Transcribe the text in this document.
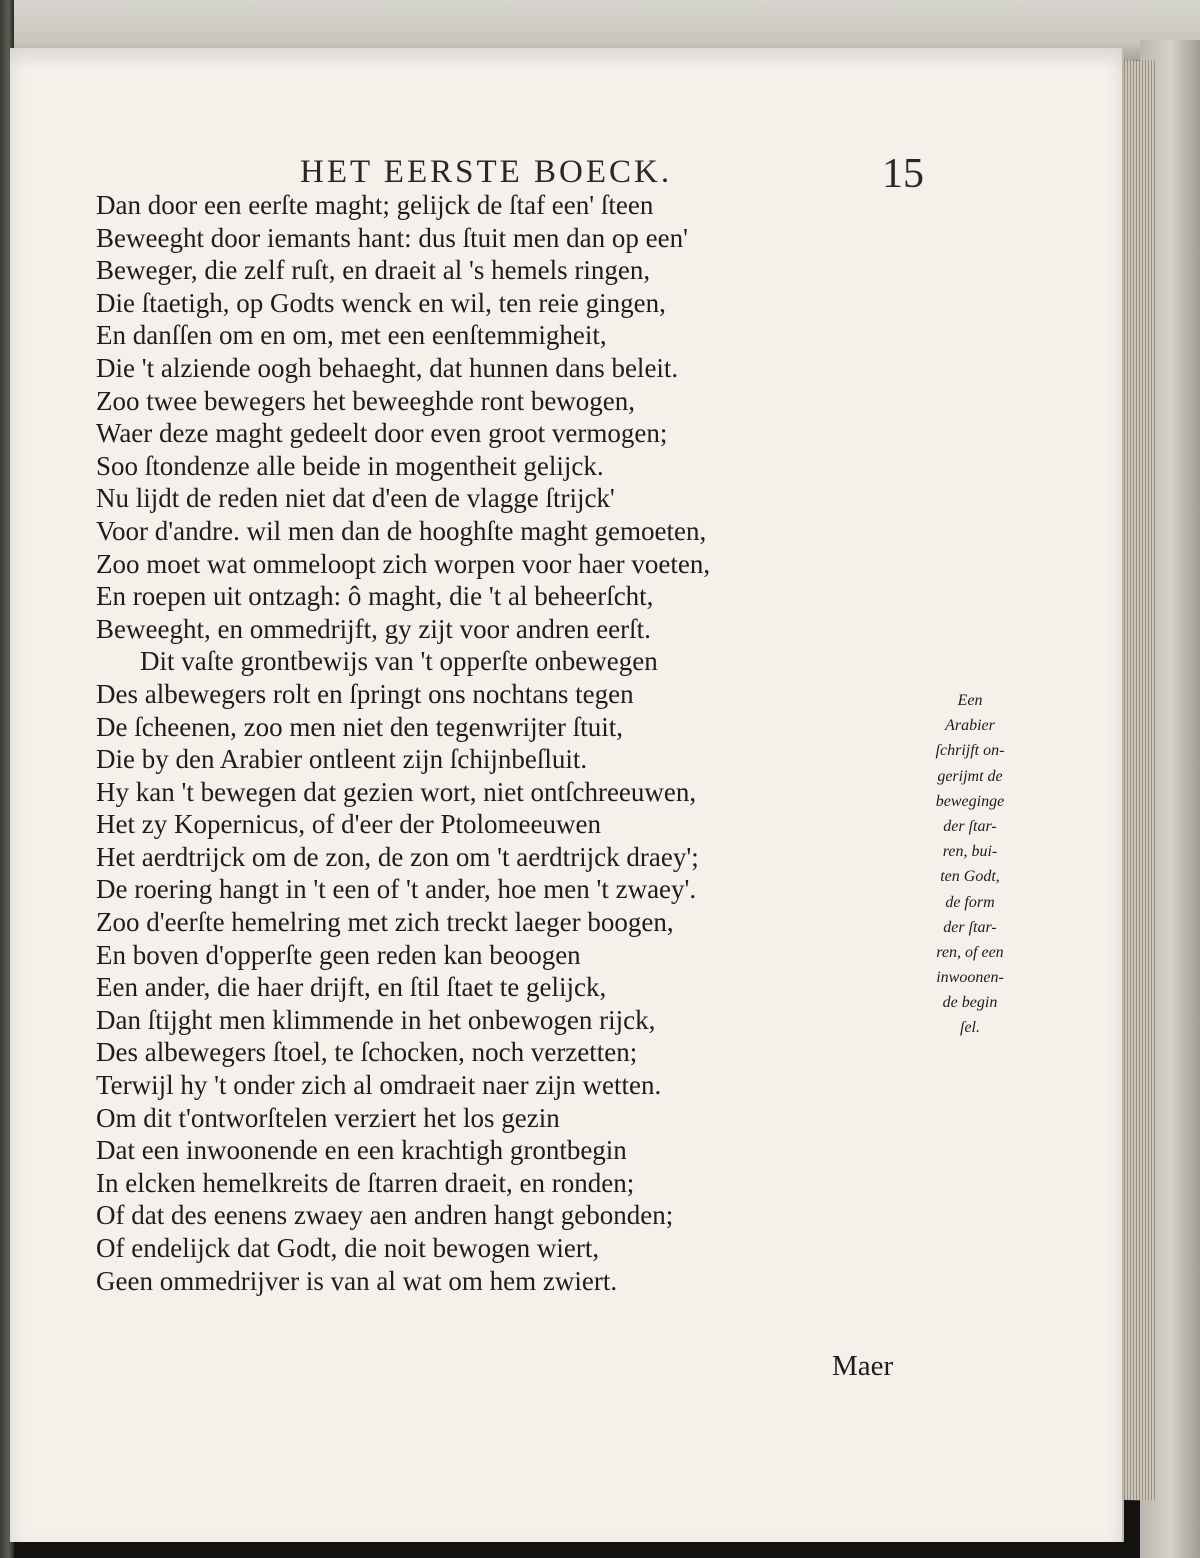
HET EERSTE BOECK.	15
Dan door een eerſte maght; gelijck de ſtaf een' ſteen
Beweeght door iemants hant: dus ſtuit men dan op een'
Beweger, die zelf ruſt, en draeit al 's hemels ringen,
Die ſtaetigh, op Godts wenck en wil, ten reie gingen,
En danſſen om en om, met een eenſtemmigheit,
Die 't alziende oogh behaeght, dat hunnen dans beleit.
Zoo twee bewegers het beweeghde ront bewogen,
Waer deze maght gedeelt door even groot vermogen;
Soo ſtondenze alle beide in mogentheit gelijck.
Nu lijdt de reden niet dat d'een de vlagge ſtrijck'
Voor d'andre. wil men dan de hooghſte maght gemoeten,
Zoo moet wat ommeloopt zich worpen voor haer voeten,
En roepen uit ontzagh: ô maght, die 't al beheerſcht,
Beweeght, en ommedrijft, gy zijt voor andren eerſt.
Dit vaſte grontbewijs van 't opperſte onbewegen
Des albewegers rolt en ſpringt ons nochtans tegen
De ſcheenen, zoo men niet den tegenwrijter ſtuit,
Die by den Arabier ontleent zijn ſchijnbeſluit.
Hy kan 't bewegen dat gezien wort, niet ontſchreeuwen,
Het zy Kopernicus, of d'eer der Ptolomeeuwen
Het aerdtrijck om de zon, de zon om 't aerdtrijck draey';
De roering hangt in 't een of 't ander, hoe men 't zwaey'.
Zoo d'eerſte hemelring met zich treckt laeger boogen,
En boven d'opperſte geen reden kan beoogen
Een ander, die haer drijft, en ſtil ſtaet te gelijck,
Dan ſtijght men klimmende in het onbewogen rijck,
Des albewegers ſtoel, te ſchocken, noch verzetten;
Terwijl hy 't onder zich al omdraeit naer zijn wetten.
Om dit t'ontworſtelen verziert het los gezin
Dat een inwoonende en een krachtigh grontbegin
In elcken hemelkreits de ſtarren draeit, en ronden;
Of dat des eenens zwaey aen andren hangt gebonden;
Of endelijck dat Godt, die noit bewogen wiert,
Geen ommedrijver is van al wat om hem zwiert.
Een
Arabier
ſchrijft on-
gerijmt de
beweginge
der ſtar-
ren, bui-
ten Godt,
de form
der ſtar-
ren, of een
inwoonen-
de begin
ſel.
Maer
